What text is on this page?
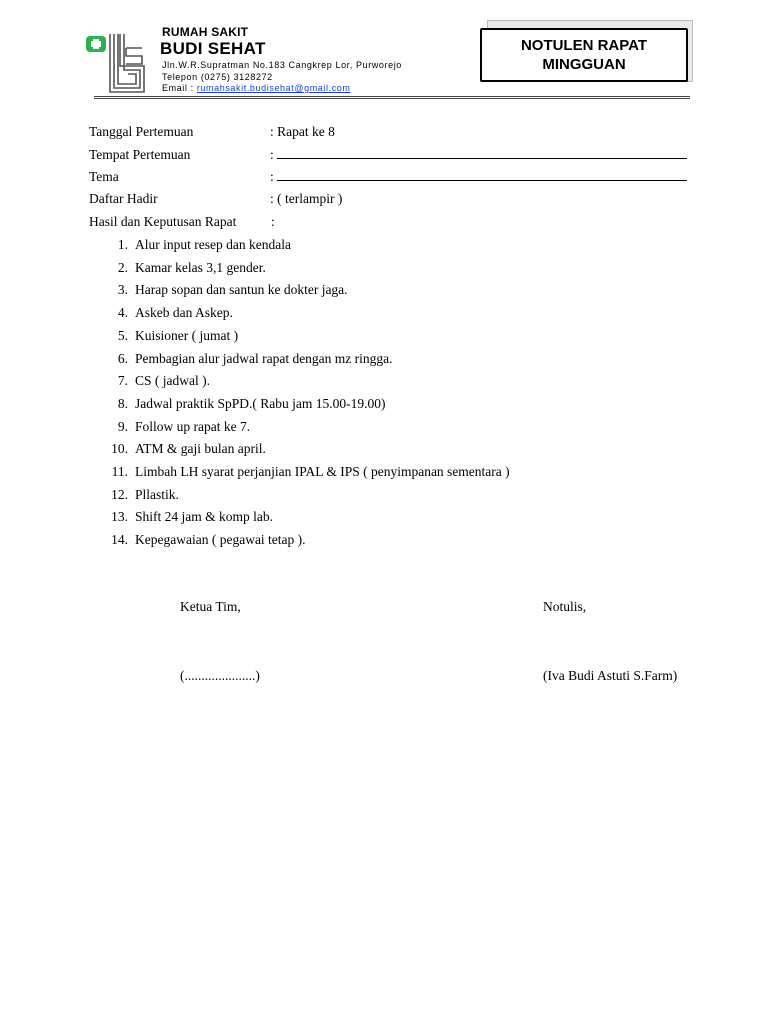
RUMAH SAKIT
BUDI SEHAT
Jln.W.R.Supratman No.183 Cangkrep Lor, Purworejo
Telepon (0275) 3128272
Email : rumahsakit.budisehat@gmail.com
NOTULEN RAPAT
MINGGUAN
Tanggal Pertemuan	: Rapat ke 8
Tempat Pertemuan	:
Tema	:
Daftar Hadir	: ( terlampir )
Hasil dan Keputusan Rapat	:
1. Alur input resep dan kendala
2. Kamar kelas 3,1 gender.
3. Harap sopan dan santun ke dokter jaga.
4. Askeb dan Askep.
5. Kuisioner ( jumat )
6. Pembagian alur jadwal rapat dengan mz ringga.
7. CS ( jadwal ).
8. Jadwal praktik SpPD.( Rabu jam 15.00-19.00)
9. Follow up rapat ke 7.
10. ATM & gaji bulan april.
11. Limbah LH syarat perjanjian IPAL & IPS ( penyimpanan sementara )
12. Pllastik.
13. Shift 24 jam & komp lab.
14. Kepegawaian ( pegawai tetap ).
Ketua Tim,	Notulis,
(.....................)	(Iva Budi Astuti S.Farm)
